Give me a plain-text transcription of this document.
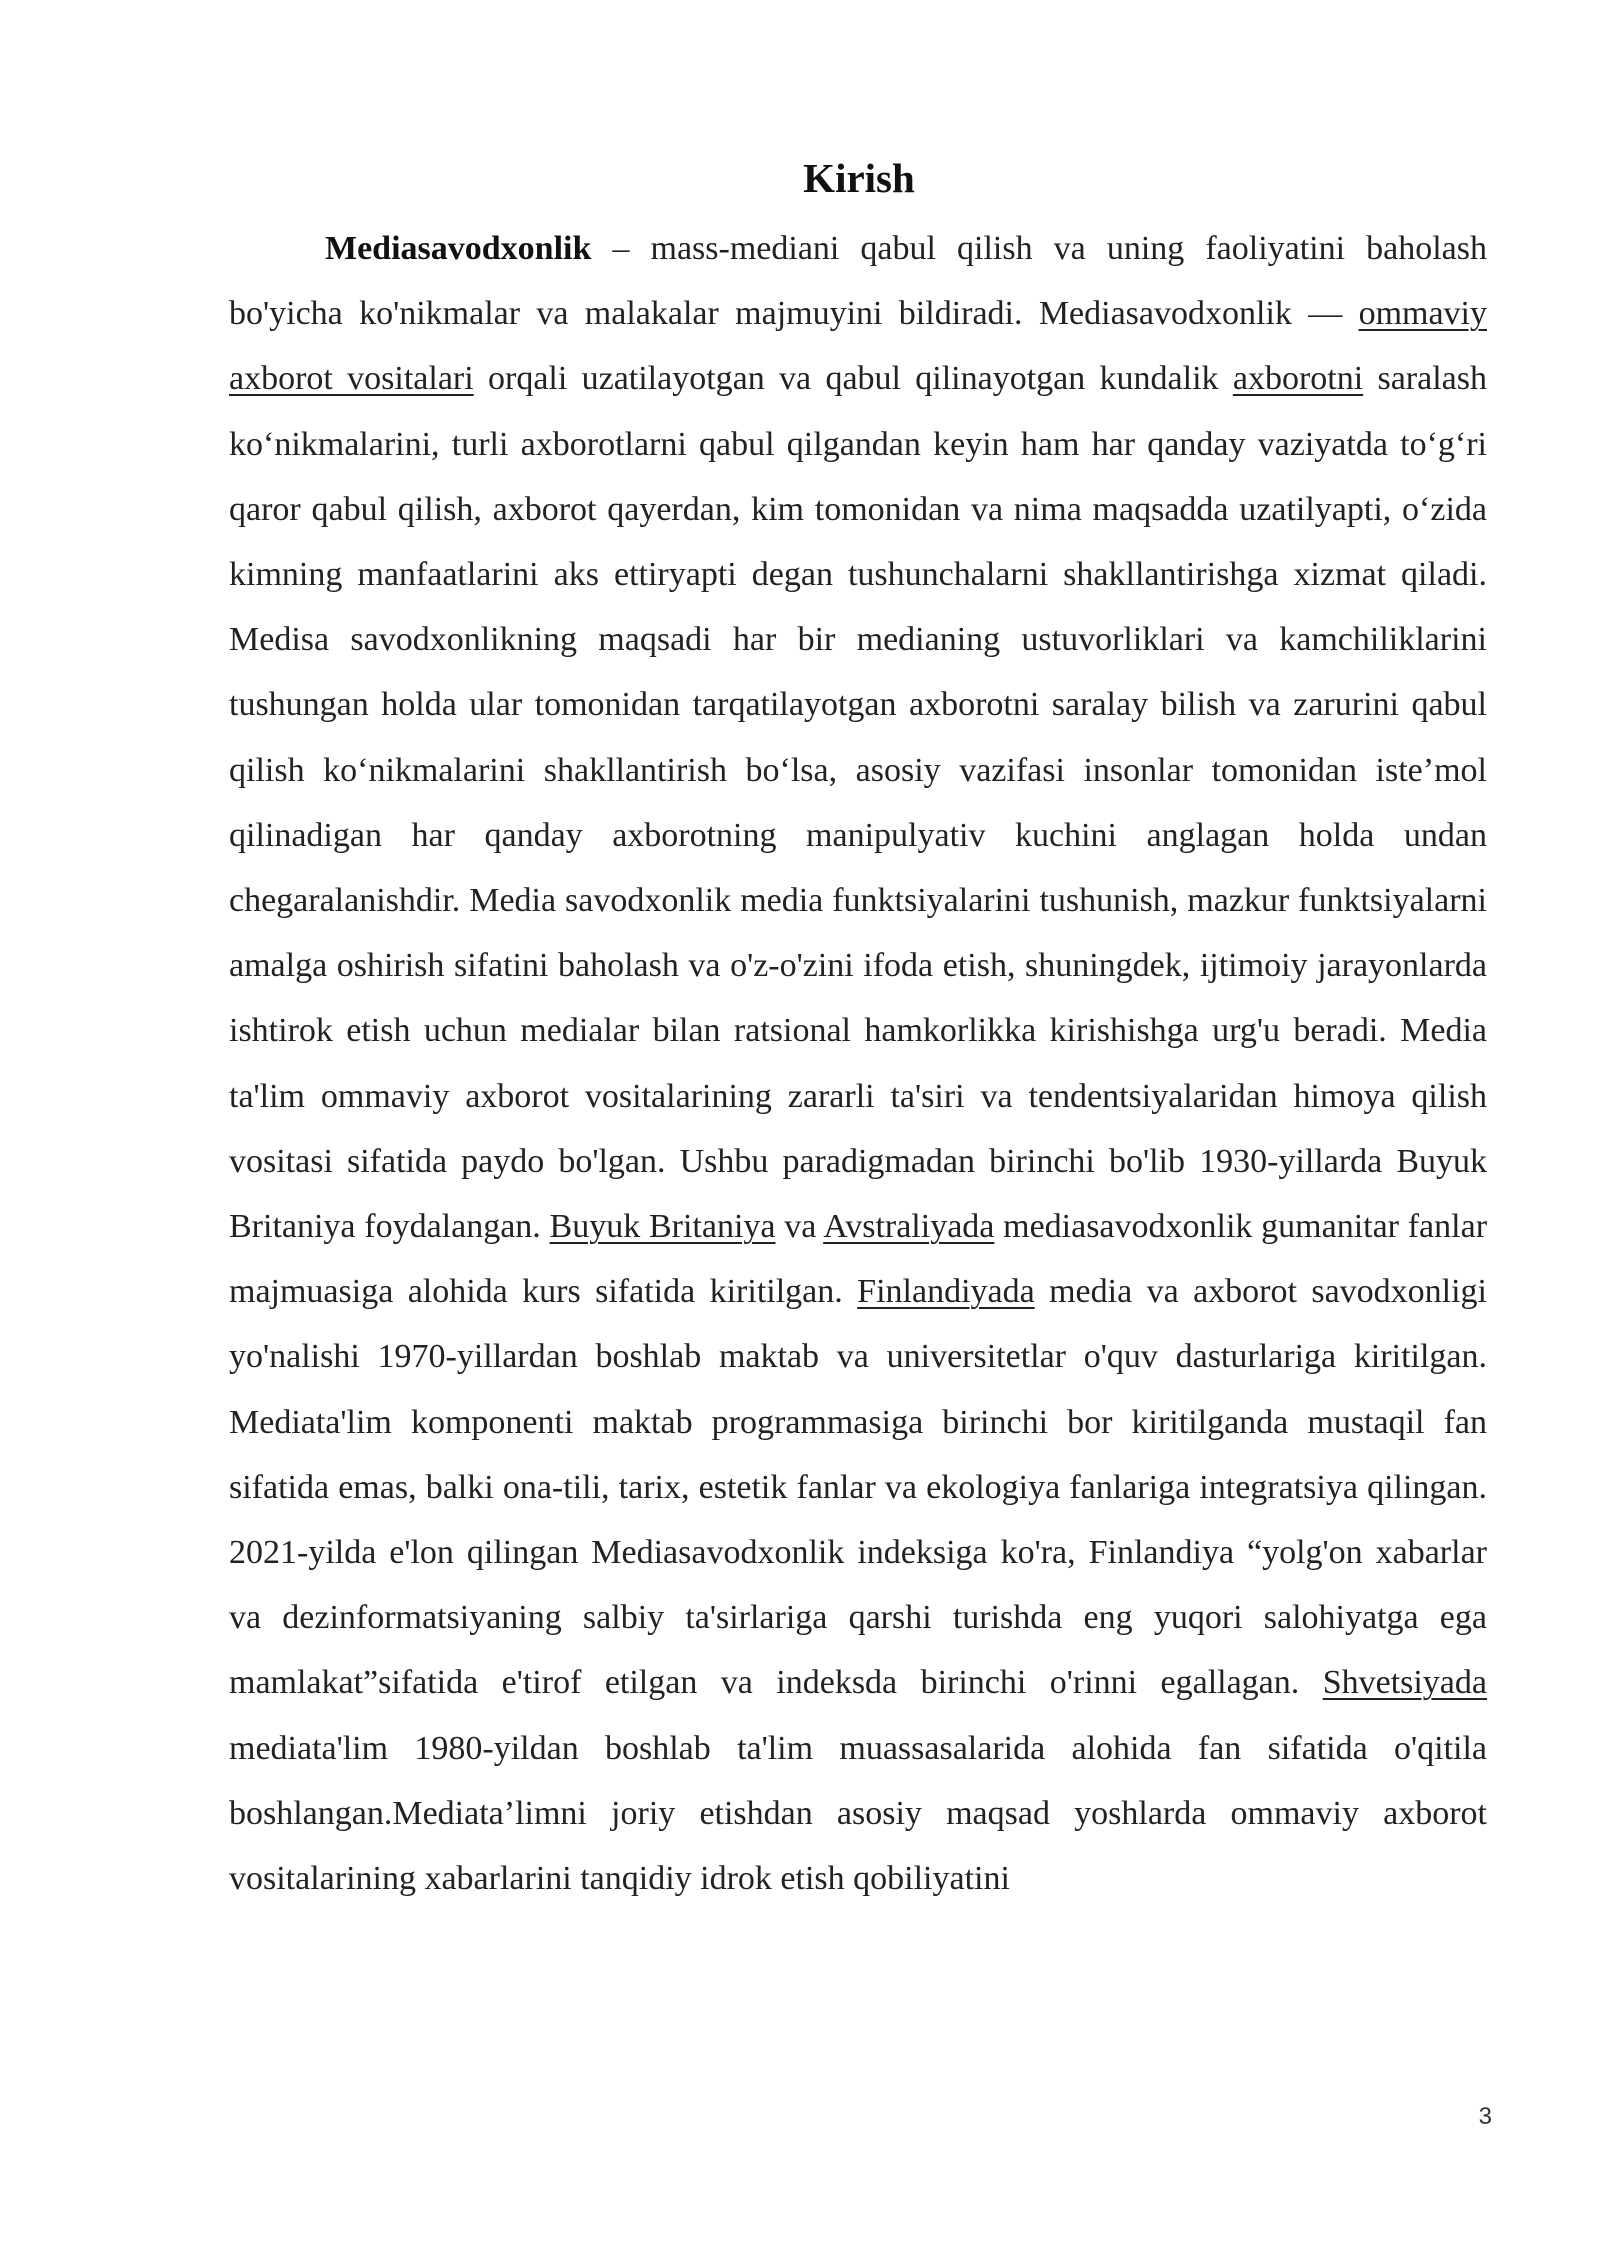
Kirish

Mediasavodxonlik – mass-mediani qabul qilish va uning faoliyatini baholash bo'yicha ko'nikmalar va malakalar majmuyini bildiradi. Mediasavodxonlik — ommaviy axborot vositalari orqali uzatilayotgan va qabul qilinayotgan kundalik axborotni saralash ko‘nikmalarini, turli axborotlarni qabul qilgandan keyin ham har qanday vaziyatda to‘g‘ri qaror qabul qilish, axborot qayerdan, kim tomonidan va nima maqsadda uzatilyapti, o‘zida kimning manfaatlarini aks ettiryapti degan tushunchalarni shakllantirishga xizmat qiladi. Medisa savodxonlikning maqsadi har bir medianing ustuvorliklari va kamchiliklarini tushungan holda ular tomonidan tarqatilayotgan axborotni saralay bilish va zarurini qabul qilish ko‘nikmalarini shakllantirish bo‘lsa, asosiy vazifasi insonlar tomonidan iste’mol qilinadigan har qanday axborotning manipulyativ kuchini anglagan holda undan chegaralanishdir. Media savodxonlik media funktsiyalarini tushunish, mazkur funktsiyalarni amalga oshirish sifatini baholash va o'z-o'zini ifoda etish, shuningdek, ijtimoiy jarayonlarda ishtirok etish uchun medialar bilan ratsional hamkorlikka kirishishga urg'u beradi. Media ta'lim ommaviy axborot vositalarining zararli ta'siri va tendentsiyalaridan himoya qilish vositasi sifatida paydo bo'lgan. Ushbu paradigmadan birinchi bo'lib 1930-yillarda Buyuk Britaniya foydalangan. Buyuk Britaniya va Avstraliyada mediasavodxonlik gumanitar fanlar majmuasiga alohida kurs sifatida kiritilgan. Finlandiyada media va axborot savodxonligi yo'nalishi 1970-yillardan boshlab maktab va universitetlar o'quv dasturlariga kiritilgan. Mediata'lim komponenti maktab programmasiga birinchi bor kiritilganda mustaqil fan sifatida emas, balki ona-tili, tarix, estetik fanlar va ekologiya fanlariga integratsiya qilingan. 2021-yilda e'lon qilingan Mediasavodxonlik indeksiga ko'ra, Finlandiya “yolg'on xabarlar va dezinformatsiyaning salbiy ta'sirlariga qarshi turishda eng yuqori salohiyatga ega mamlakat”sifatida e'tirof etilgan va indeksda birinchi o'rinni egallagan. Shvetsiyada mediata'lim 1980-yildan boshlab ta'lim muassasalarida alohida fan sifatida o'qitila boshlangan.Mediata’limni joriy etishdan asosiy maqsad yoshlarda ommaviy axborot vositalarining xabarlarini tanqidiy idrok etish qobiliyatini

3
